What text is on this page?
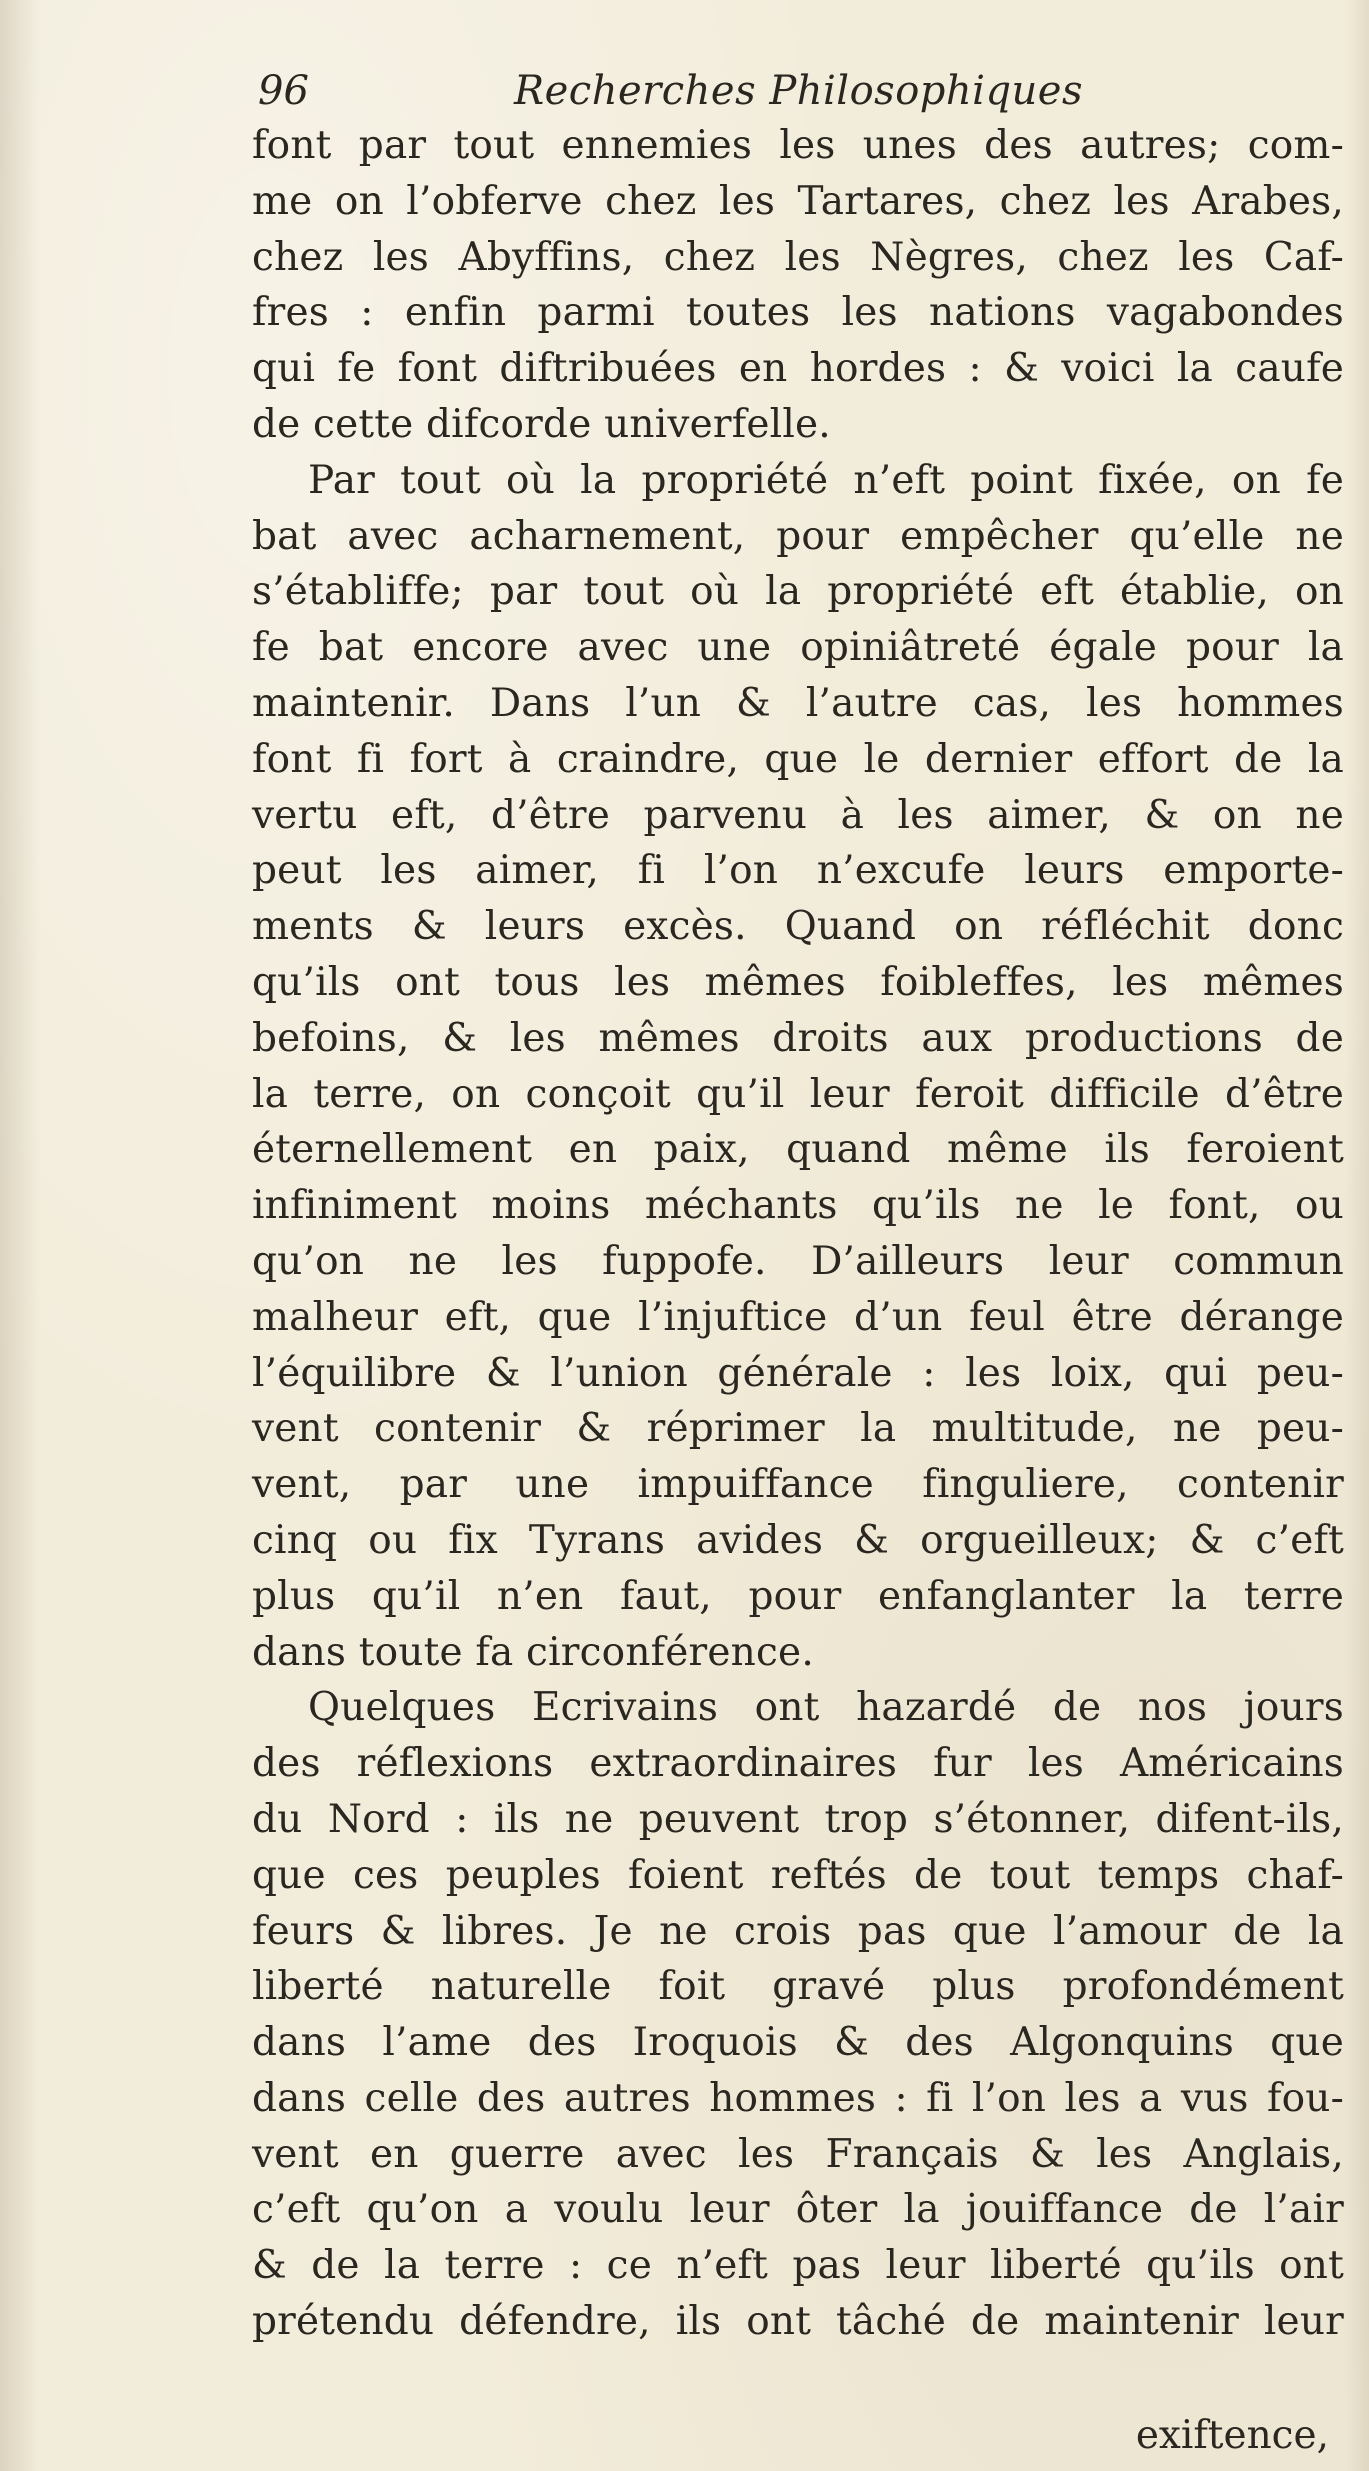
96	Recherches Philosophiques
font par tout ennemies les unes des autres; com-
me on l’obferve chez les Tartares, chez les Arabes,
chez les Abyffins, chez les Nègres, chez les Caf-
fres : enfin parmi toutes les nations vagabondes
qui fe font diftribuées en hordes : & voici la caufe
de cette difcorde univerfelle.
Par tout où la propriété n’eft point fixée, on fe
bat avec acharnement, pour empêcher qu’elle ne
s’établiffe; par tout où la propriété eft établie, on
fe bat encore avec une opiniâtreté égale pour la
maintenir. Dans l’un & l’autre cas, les hommes
font fi fort à craindre, que le dernier effort de la
vertu eft, d’être parvenu à les aimer, & on ne
peut les aimer, fi l’on n’excufe leurs emporte-
ments & leurs excès. Quand on réfléchit donc
qu’ils ont tous les mêmes foibleffes, les mêmes
befoins, & les mêmes droits aux productions de
la terre, on conçoit qu’il leur feroit difficile d’être
éternellement en paix, quand même ils feroient
infiniment moins méchants qu’ils ne le font, ou
qu’on ne les fuppofe. D’ailleurs leur commun
malheur eft, que l’injuftice d’un feul être dérange
l’équilibre & l’union générale : les loix, qui peu-
vent contenir & réprimer la multitude, ne peu-
vent, par une impuiffance finguliere, contenir
cinq ou fix Tyrans avides & orgueilleux; & c’eft
plus qu’il n’en faut, pour enfanglanter la terre
dans toute fa circonférence.
Quelques Ecrivains ont hazardé de nos jours
des réflexions extraordinaires fur les Américains
du Nord : ils ne peuvent trop s’étonner, difent-ils,
que ces peuples foient reftés de tout temps chaf-
feurs & libres. Je ne crois pas que l’amour de la
liberté naturelle foit gravé plus profondément
dans l’ame des Iroquois & des Algonquins que
dans celle des autres hommes : fi l’on les a vus fou-
vent en guerre avec les Français & les Anglais,
c’eft qu’on a voulu leur ôter la jouiffance de l’air
& de la terre : ce n’eft pas leur liberté qu’ils ont
prétendu défendre, ils ont tâché de maintenir leur
exiftence,
